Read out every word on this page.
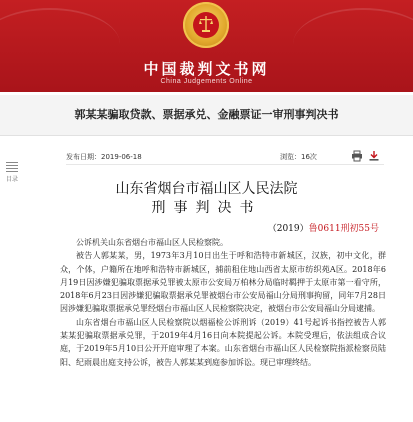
中国裁判文书网
China Judgements Online
郭某某骗取贷款、票据承兑、金融票证一审刑事判决书
目录
发布日期：2019-06-18	浏览：16次
山东省烟台市福山区人民法院
刑事判决书
（2019）鲁0611刑初55号

公诉机关山东省烟台市福山区人民检察院。

被告人郭某某，男，1973年3月10日出生于呼和浩特市新城区，汉族，初中文化，群众，个体，户籍所在地呼和浩特市新城区，捕前租住地山西省太原市纺织苑A区。2018年6月19日因涉嫌犯骗取票据承兑罪被太原市公安局万柏林分局临时羁押于太原市第一看守所，2018年6月23日因涉嫌犯骗取票据承兑罪被烟台市公安局福山分局刑事拘留，同年7月28日因涉嫌犯骗取票据承兑罪经烟台市福山区人民检察院决定，被烟台市公安局福山分局逮捕。

山东省烟台市福山区人民检察院以烟福检公诉刑诉（2019）41号起诉书指控被告人郭某某犯骗取票据承兑罪，于2019年4月16日向本院提起公诉。本院受理后，依法组成合议庭，于2019年5月10日公开开庭审理了本案。山东省烟台市福山区人民检察院指派检察员陆阳、纪雨晨出庭支持公诉，被告人郭某某到庭参加诉讼。现已审理终结。
